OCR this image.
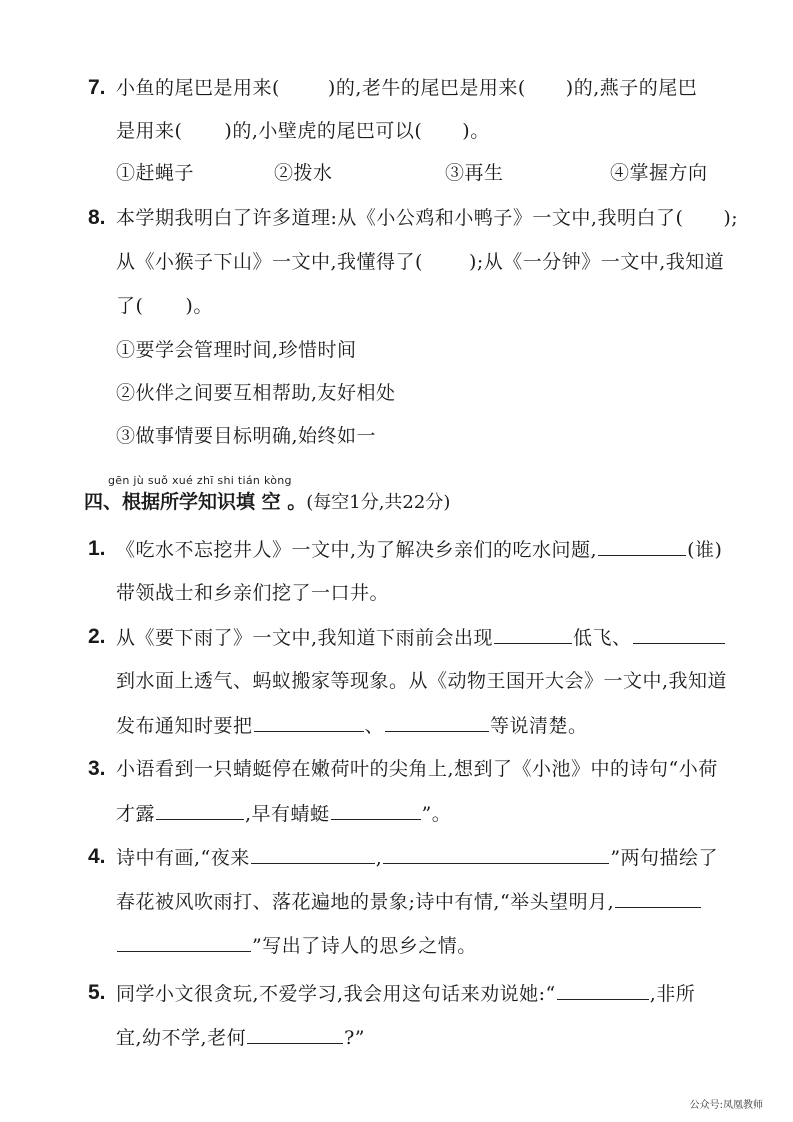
7. 小鱼的尾巴是用来(	)的,老牛的尾巴是用来( )的,燕子的尾巴
是用来( )的,小壁虎的尾巴可以( )。
①赶蝇子	②拨水	③再生	④掌握方向
8. 本学期我明白了许多道理:从《小公鸡和小鸭子》一文中,我明白了( );
从《小猴子下山》一文中,我懂得了( );从《一分钟》一文中,我知道
了( )。
①要学会管理时间,珍惜时间
②伙伴之间要互相帮助,友好相处
③做事情要目标明确,始终如一
gēn jù suǒ xué zhī shi tián kòng
四、根据所学知识填 空 。(每空1分,共22分)
1. 《吃水不忘挖井人》一文中,为了解决乡亲们的吃水问题,	(谁)
带领战士和乡亲们挖了一口井。
2. 从《要下雨了》一文中,我知道下雨前会出现	低飞、
到水面上透气、蚂蚁搬家等现象。从《动物王国开大会》一文中,我知道
发布通知时要把	、	等说清楚。
3. 小语看到一只蜻蜓停在嫩荷叶的尖角上,想到了《小池》中的诗句“小荷
才露	,早有蜻蜓	”。
4. 诗中有画,“夜来	,	”两句描绘了
春花被风吹雨打、落花遍地的景象;诗中有情,“举头望明月,
”写出了诗人的思乡之情。
5. 同学小文很贪玩,不爱学习,我会用这句话来劝说她:“	,非所
宜,幼不学,老何	?”
公众号:凤凰教师
